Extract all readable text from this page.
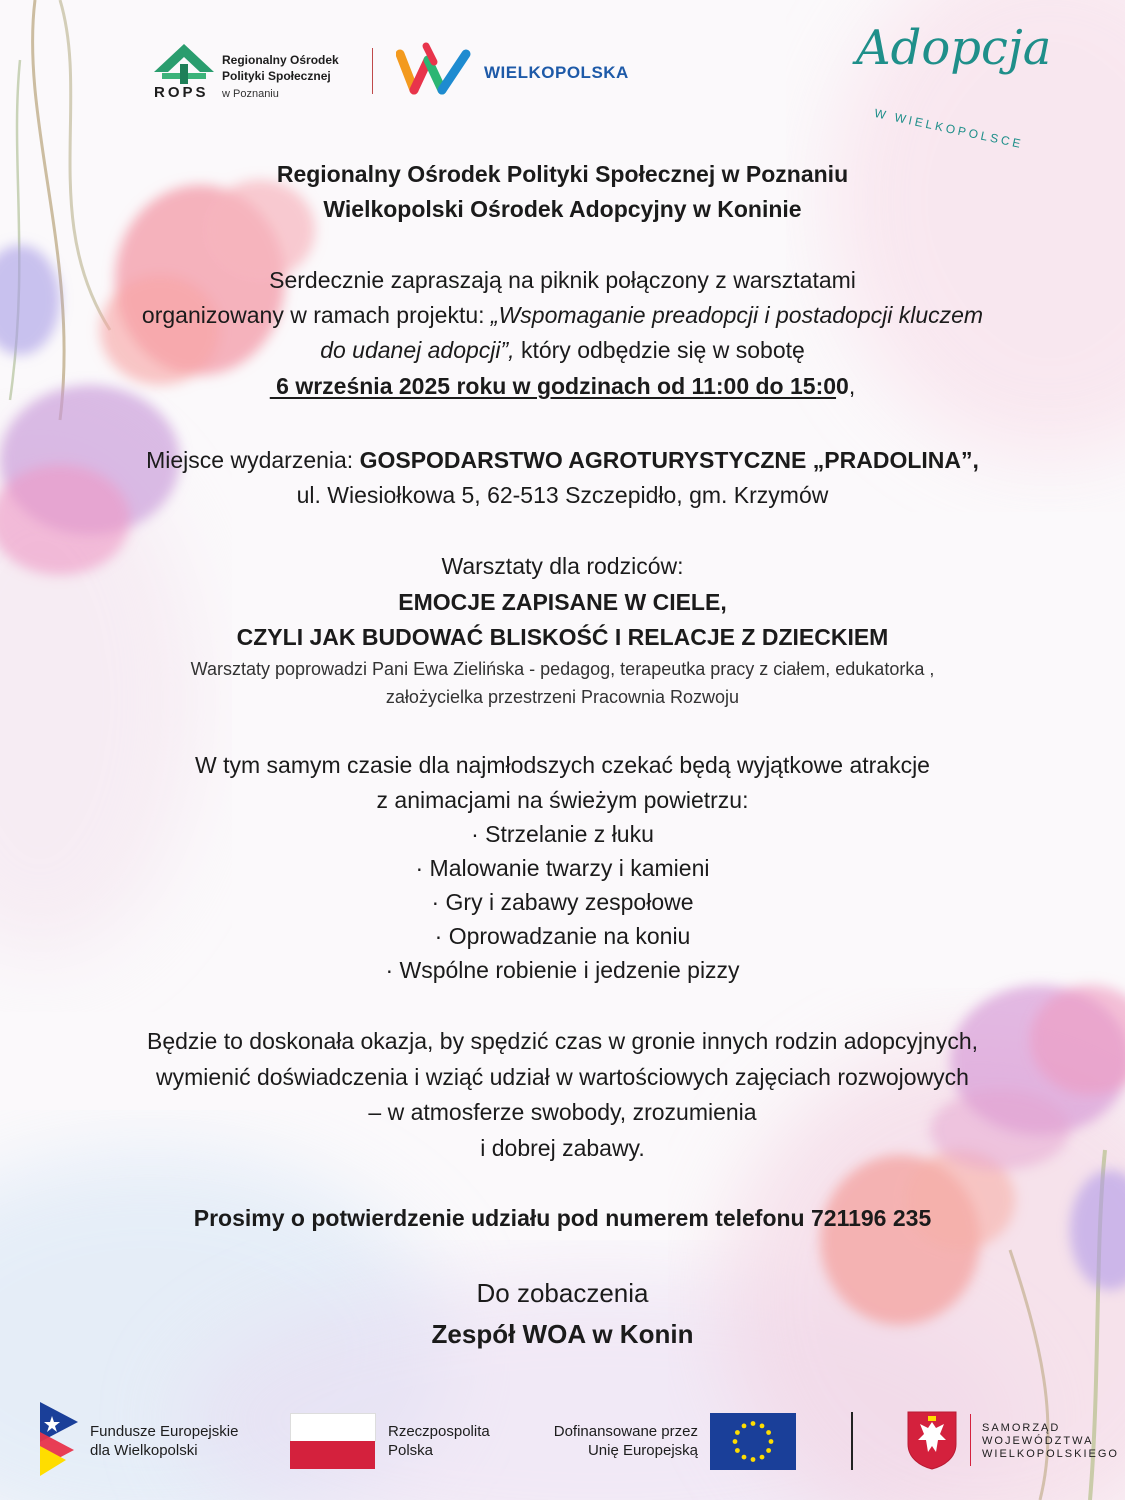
ROPS
Regionalny Ośrodek
Polityki Społecznej
w Poznaniu
WIELKOPOLSKA	Adopcja
W WIELKOPOLSCE
Regionalny Ośrodek Polityki Społecznej w Poznaniu
Wielkopolski Ośrodek Adopcyjny w Koninie
Serdecznie zapraszają na piknik połączony z warsztatami
organizowany w ramach projektu: „Wspomaganie preadopcji i postadopcji kluczem
do udanej adopcji”, który odbędzie się w sobotę
6 września 2025 roku w godzinach od 11:00 do 15:00,
Miejsce wydarzenia: GOSPODARSTWO AGROTURYSTYCZNE „PRADOLINA”,
ul. Wiesiołkowa 5, 62-513 Szczepidło, gm. Krzymów
Warsztaty dla rodziców:
EMOCJE ZAPISANE W CIELE,
CZYLI JAK BUDOWAĆ BLISKOŚĆ I RELACJE Z DZIECKIEM
Warsztaty poprowadzi Pani Ewa Zielińska - pedagog, terapeutka pracy z ciałem, edukatorka ,
założycielka przestrzeni Pracownia Rozwoju
W tym samym czasie dla najmłodszych czekać będą wyjątkowe atrakcje
z animacjami na świeżym powietrzu:
· Strzelanie z łuku
· Malowanie twarzy i kamieni
· Gry i zabawy zespołowe
· Oprowadzanie na koniu
· Wspólne robienie i jedzenie pizzy
Będzie to doskonała okazja, by spędzić czas w gronie innych rodzin adopcyjnych,
wymienić doświadczenia i wziąć udział w wartościowych zajęciach rozwojowych
– w atmosferze swobody, zrozumienia
i dobrej zabawy.
Prosimy o potwierdzenie udziału pod numerem telefonu 721196 235
Do zobaczenia
Zespół WOA w Konin
Fundusze Europejskie
dla Wielkopolski
Rzeczpospolita
Polska
Dofinansowane przez
Unię Europejską
SAMORZĄD
WOJEWÓDZTWA
WIELKOPOLSKIEGO
